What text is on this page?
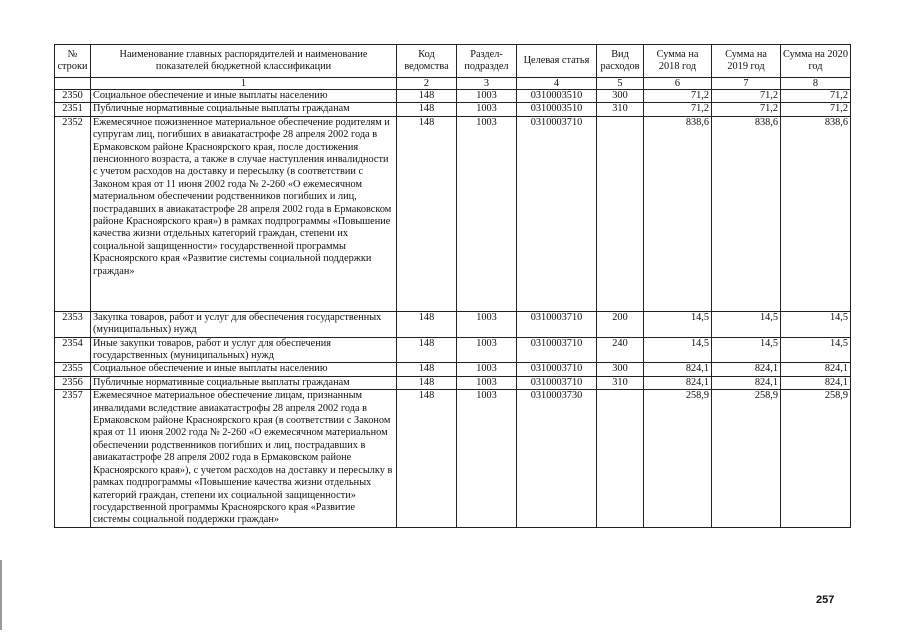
№ строки	Наименование главных распорядителей и наименование показателей бюджетной классификации	Код ведомства	Раздел-подраздел	Целевая статья	Вид расходов	Сумма на 2018 год	Сумма на 2019 год	Сумма на 2020 год
	1	2	3	4	5	6	7	8
2350	Социальное обеспечение и иные выплаты населению	148	1003	0310003510	300	71,2	71,2	71,2
2351	Публичные нормативные социальные выплаты гражданам	148	1003	0310003510	310	71,2	71,2	71,2
2352	Ежемесячное пожизненное материальное обеспечение родителям и супругам лиц, погибших в авиакатастрофе 28 апреля 2002 года в Ермаковском районе Красноярского края, после достижения пенсионного возраста, а также в случае наступления инвалидности с учетом расходов на доставку и пересылку (в соответствии с Законом края от 11 июня 2002 года № 2-260 «О ежемесячном материальном обеспечении родственников погибших и лиц, пострадавших в авиакатастрофе 28 апреля 2002 года в Ермаковском районе Красноярского края») в рамках подпрограммы «Повышение качества жизни отдельных категорий граждан, степени их социальной защищенности» государственной программы Красноярского края «Развитие системы социальной поддержки граждан»	148	1003	0310003710		838,6	838,6	838,6
2353	Закупка товаров, работ и услуг для обеспечения государственных (муниципальных) нужд	148	1003	0310003710	200	14,5	14,5	14,5
2354	Иные закупки товаров, работ и услуг для обеспечения государственных (муниципальных) нужд	148	1003	0310003710	240	14,5	14,5	14,5
2355	Социальное обеспечение и иные выплаты населению	148	1003	0310003710	300	824,1	824,1	824,1
2356	Публичные нормативные социальные выплаты гражданам	148	1003	0310003710	310	824,1	824,1	824,1
2357	Ежемесячное материальное обеспечение лицам, признанным инвалидами вследствие авиакатастрофы 28 апреля 2002 года в Ермаковском районе Красноярского края (в соответствии с Законом края от 11 июня 2002 года № 2-260 «О ежемесячном материальном обеспечении родственников погибших и лиц, пострадавших в авиакатастрофе 28 апреля 2002 года в Ермаковском районе Красноярского края»), с учетом расходов на доставку и пересылку в рамках подпрограммы «Повышение качества жизни отдельных категорий граждан, степени их социальной защищенности» государственной программы Красноярского края «Развитие системы социальной поддержки граждан»	148	1003	0310003730		258,9	258,9	258,9
257
